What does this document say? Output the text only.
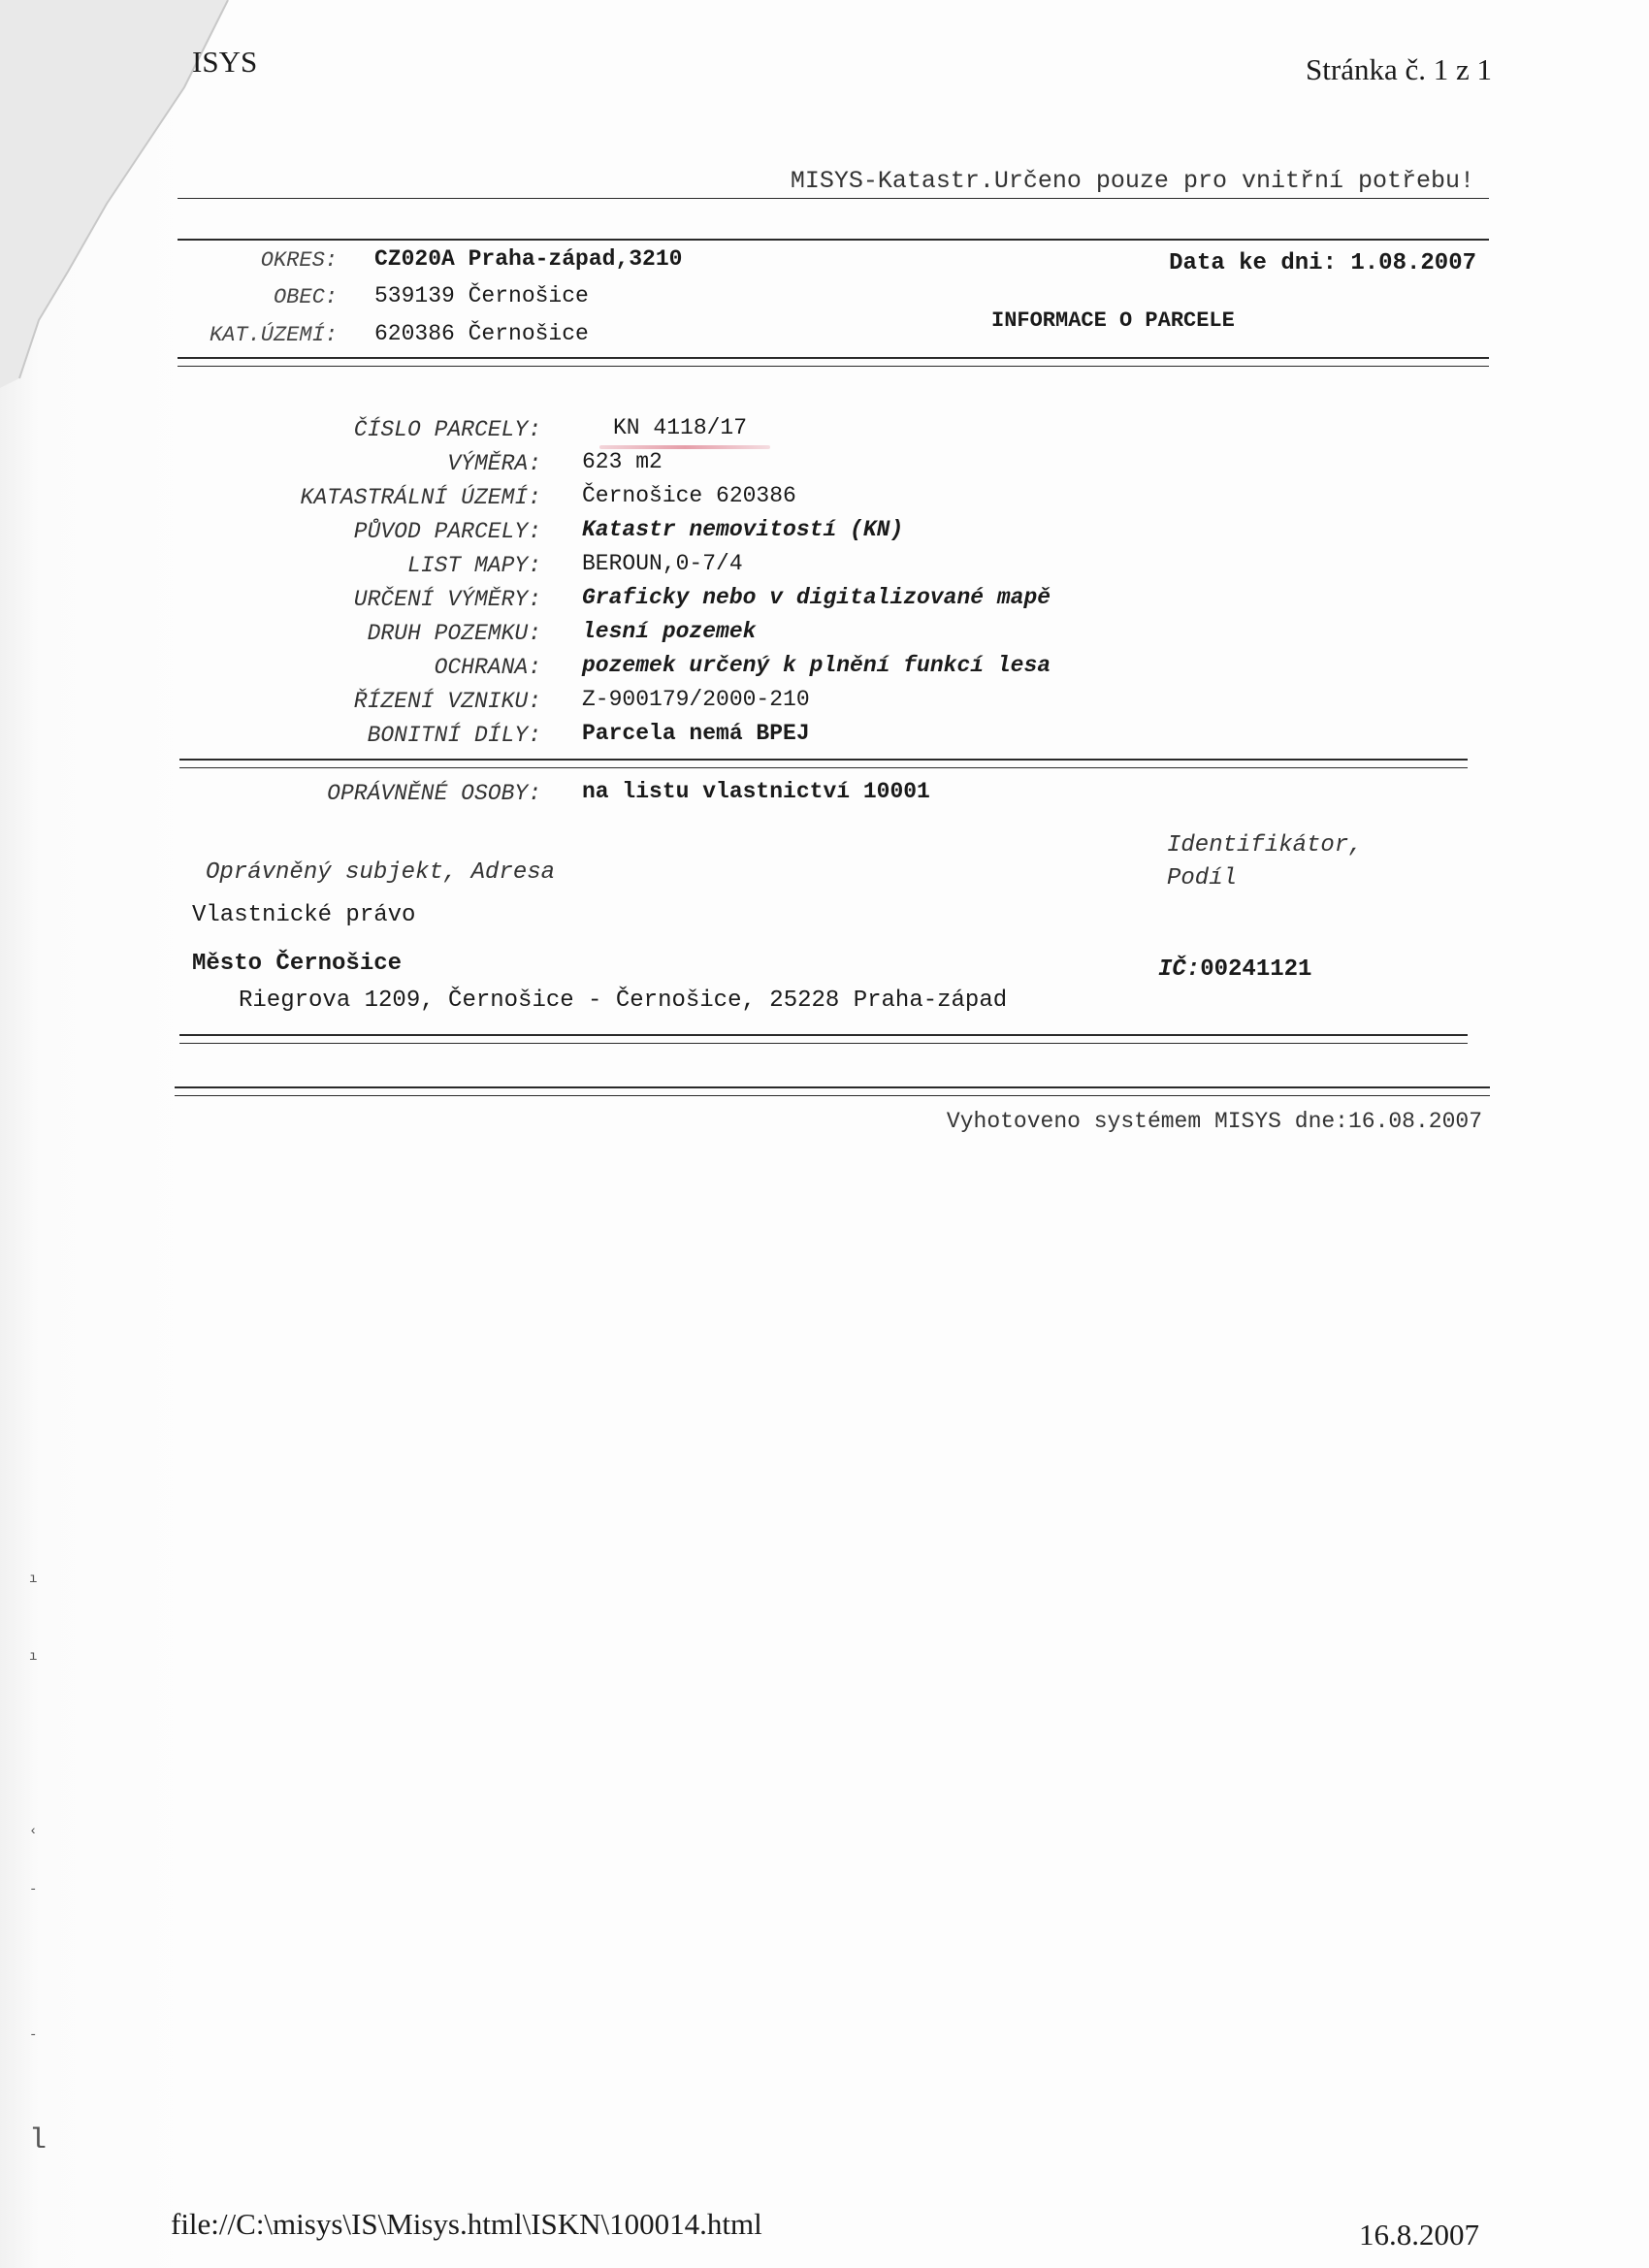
ISYS	Stránka č. 1 z 1
MISYS-Katastr.Určeno pouze pro vnitřní potřebu!
OKRES: CZ020A Praha-západ,3210
OBEC: 539139 Černošice
KAT.ÚZEMÍ: 620386 Černošice
Data ke dni: 1.08.2007
INFORMACE O PARCELE
ČÍSLO PARCELY:	KN 4118/17
VÝMĚRA: 623 m2
KATASTRÁLNÍ ÚZEMÍ: Černošice 620386
PŮVOD PARCELY: Katastr nemovitostí (KN)
LIST MAPY: BEROUN,0-7/4
URČENÍ VÝMĚRY: Graficky nebo v digitalizované mapě
DRUH POZEMKU: lesní pozemek
OCHRANA: pozemek určený k plnění funkcí lesa
ŘÍZENÍ VZNIKU: Z-900179/2000-210
BONITNÍ DÍLY: Parcela nemá BPEJ
OPRÁVNĚNÉ OSOBY: na listu vlastnictví 10001
Oprávněný subjekt, Adresa
Identifikátor,
Podíl
Vlastnické právo
Město Černošice	IČ:00241121
Riegrova 1209, Černošice - Černošice, 25228 Praha-západ
Vyhotoveno systémem MISYS dne:16.08.2007
ı
ı
‹
-
-
l
file://C:\misys\IS\Misys.html\ISKN\100014.html	16.8.2007
